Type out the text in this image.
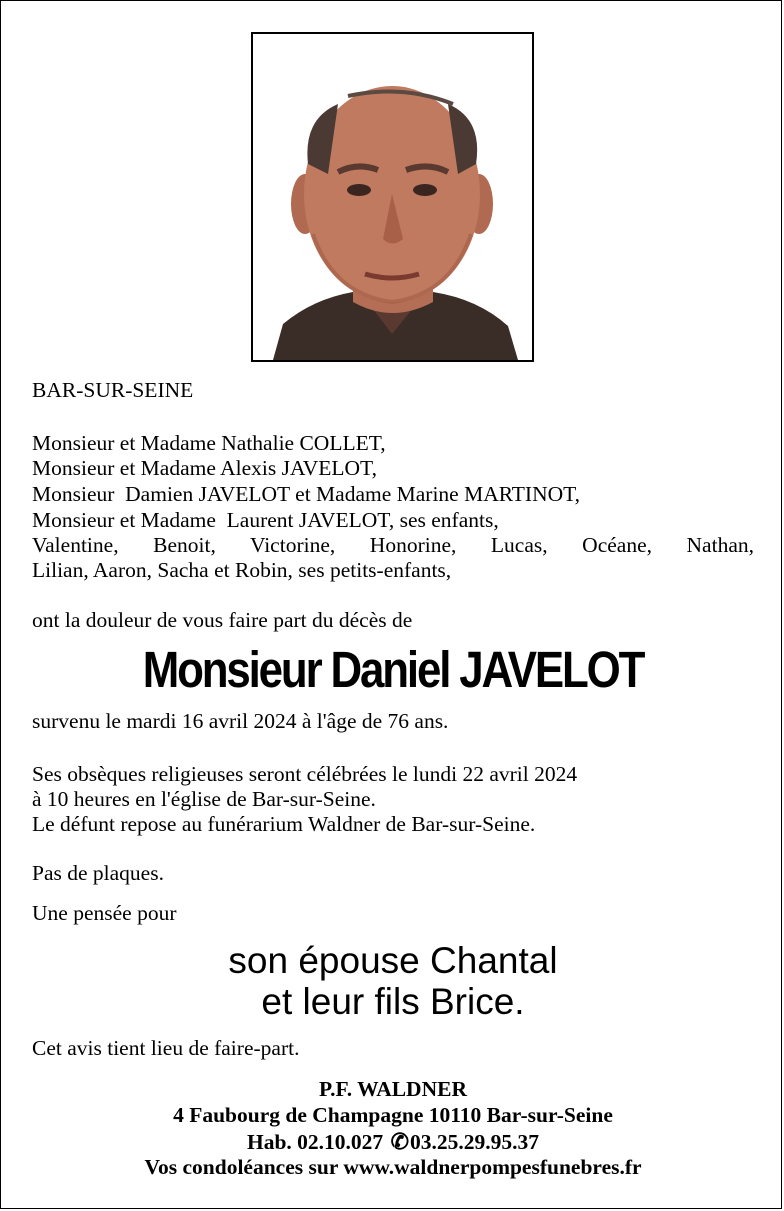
BAR-SUR-SEINE
Monsieur et Madame Nathalie COLLET,
Monsieur et Madame Alexis JAVELOT,
Monsieur  Damien JAVELOT et Madame Marine MARTINOT,
Monsieur et Madame  Laurent JAVELOT, ses enfants,
Valentine, Benoit, Victorine, Honorine, Lucas, Océane, Nathan,
Lilian, Aaron, Sacha et Robin, ses petits-enfants,
ont la douleur de vous faire part du décès de
Monsieur Daniel JAVELOT
survenu le mardi 16 avril 2024 à l'âge de 76 ans.
Ses obsèques religieuses seront célébrées le lundi 22 avril 2024
à 10 heures en l'église de Bar-sur-Seine.
Le défunt repose au funérarium Waldner de Bar-sur-Seine.
Pas de plaques.
Une pensée pour
son épouse Chantal
et leur fils Brice.
Cet avis tient lieu de faire-part.
P.F. WALDNER
4 Faubourg de Champagne 10110 Bar-sur-Seine
Hab. 02.10.027 ✆03.25.29.95.37
Vos condoléances sur www.waldnerpompesfunebres.fr
